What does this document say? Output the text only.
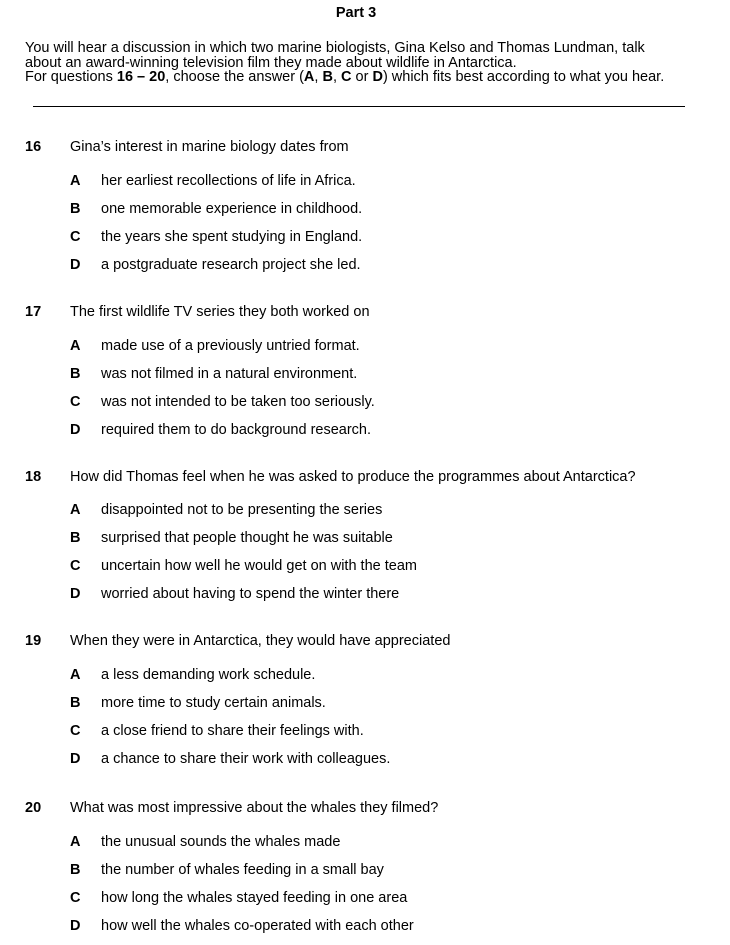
Part 3

You will hear a discussion in which two marine biologists, Gina Kelso and Thomas Lundman, talk

about an award-winning television film they made about wildlife in Antarctica.

For questions 16 – 20, choose the answer (A, B, C or D) which fits best according to what you hear.

16 Gina’s interest in marine biology dates from
A her earliest recollections of life in Africa.
B one memorable experience in childhood.
C the years she spent studying in England.
D a postgraduate research project she led.
17 The first wildlife TV series they both worked on
A made use of a previously untried format.
B was not filmed in a natural environment.
C was not intended to be taken too seriously.
D required them to do background research.
18 How did Thomas feel when he was asked to produce the programmes about Antarctica?
A disappointed not to be presenting the series
B surprised that people thought he was suitable
C uncertain how well he would get on with the team
D worried about having to spend the winter there
19 When they were in Antarctica, they would have appreciated
A a less demanding work schedule.
B more time to study certain animals.
C a close friend to share their feelings with.
D a chance to share their work with colleagues.
20 What was most impressive about the whales they filmed?
A the unusual sounds the whales made
B the number of whales feeding in a small bay
C how long the whales stayed feeding in one area
D how well the whales co-operated with each other
